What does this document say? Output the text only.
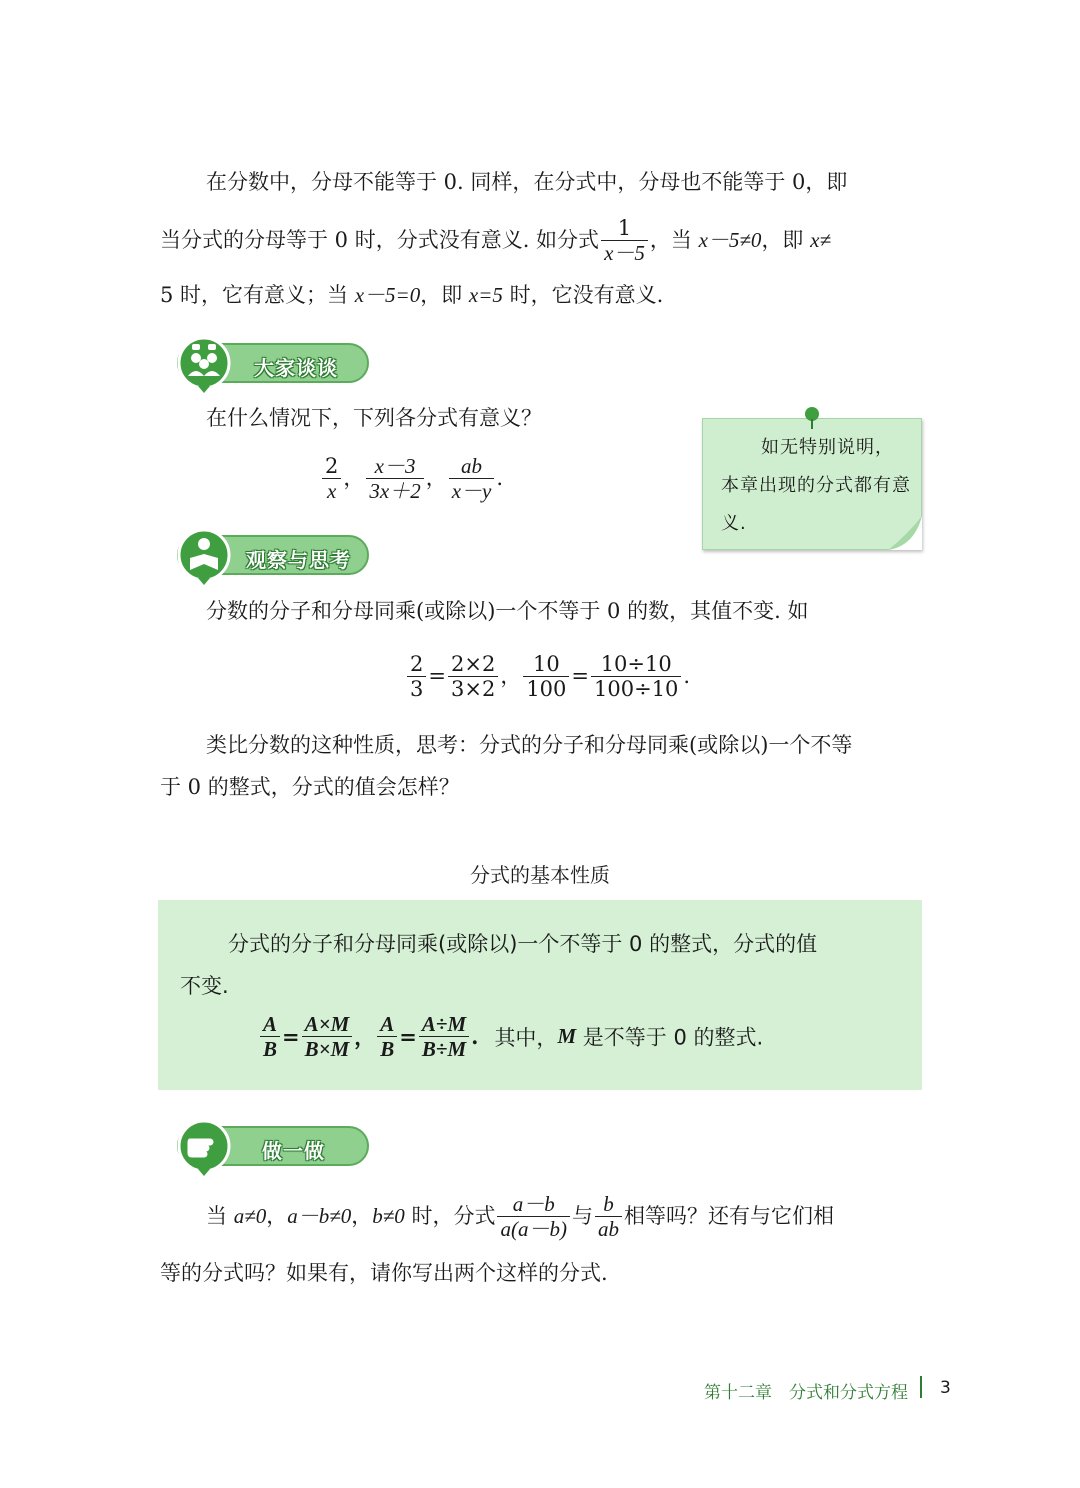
在分数中，分母不能等于 0. 同样，在分式中，分母也不能等于 0，即
当分式的分母等于 0 时，分式没有意义. 如分式 $\frac{1}{x-5}$ ，当 x－5≠0，即 x≠
5 时，它有意义；当 x－5=0，即 x=5 时，它没有意义.
大家谈谈
在什么情况下，下列各分式有意义？
$\frac{2}{x}$ ， $\frac{x-3}{3x+2}$ ， $\frac{ab}{x-y}$ .
如无特别说明，本章出现的分式都有意义.
观察与思考
分数的分子和分母同乘(或除以)一个不等于 0 的数，其值不变. 如
$\frac{2}{3} = \frac{2\times 2}{3\times 2}$ ， $\frac{10}{100} = \frac{10\div 10}{100\div 10}$ .
类比分数的这种性质，思考：分式的分子和分母同乘(或除以)一个不等
于 0 的整式，分式的值会怎样？
分式的基本性质
分式的分子和分母同乘(或除以)一个不等于 0 的整式，分式的值
不变.
$\frac{A}{B} = \frac{A\times M}{B\times M}$ ， $\frac{A}{B} = \frac{A\div M}{B\div M}$ . 其中，M 是不等于 0 的整式.
做一做
当 a≠0，a－b≠0，b≠0 时，分式 $\frac{a-b}{a(a-b)}$ 与 $\frac{b}{ab}$ 相等吗？还有与它们相
等的分式吗？如果有，请你写出两个这样的分式.
第十二章　分式和分式方程 3
